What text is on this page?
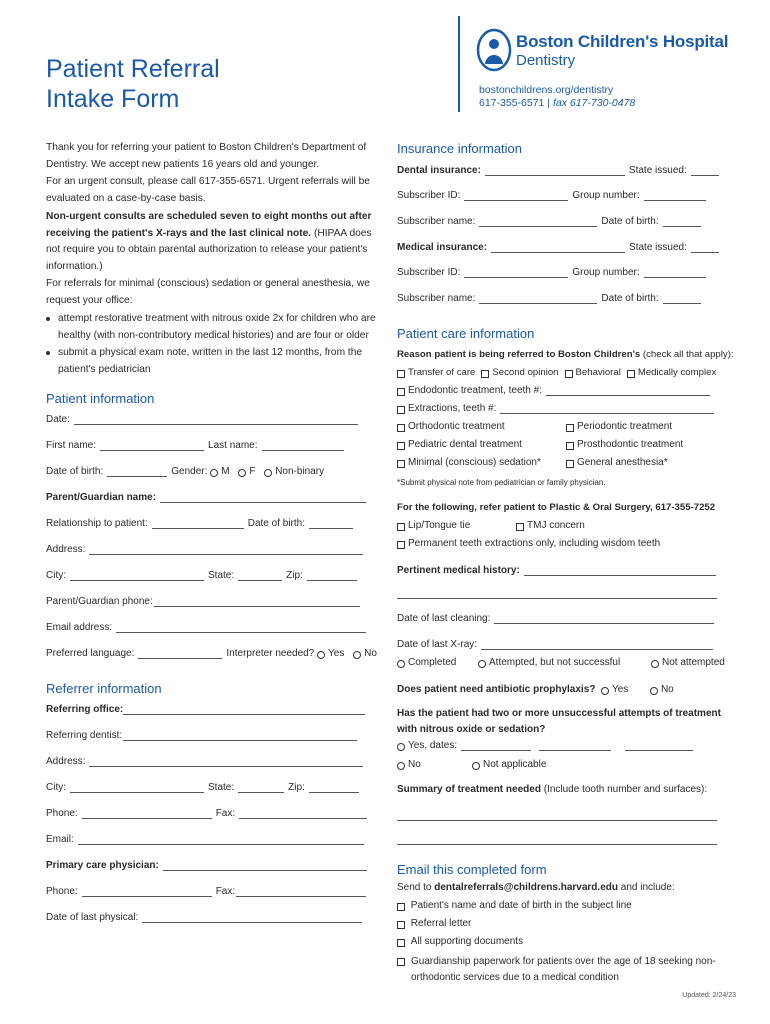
Patient Referral
Intake Form
Boston Children's Hospital
Dentistry
bostonchildrens.org/dentistry
617-355-6571 | fax 617-730-0478
Thank you for referring your patient to Boston Children's Department of Dentistry. We accept new patients 16 years old and younger.
For an urgent consult, please call 617-355-6571. Urgent referrals will be evaluated on a case-by-case basis.
Non-urgent consults are scheduled seven to eight months out after receiving the patient's X-rays and the last clinical note. (HIPAA does not require you to obtain parental authorization to release your patient's information.)
For referrals for minimal (conscious) sedation or general anesthesia, we request your office:
attempt restorative treatment with nitrous oxide 2x for children who are healthy (with non-contributory medical histories) and are four or older
submit a physical exam note, written in the last 12 months, from the patient's pediatrician
Patient information
Date:
First name:	Last name:
Date of birth:	Gender:
M
F
Non-binary
Parent/Guardian name:
Relationship to patient:	Date of birth:
Address:
City:	State:	Zip:
Parent/Guardian phone:
Email address:
Preferred language:	Interpreter needed?
Yes
No
Referrer information
Referring office:
Referring dentist:
Address:
City:	State:	Zip:
Phone:	Fax:
Email:
Primary care physician:
Phone:	Fax:
Date of last physical:
Insurance information
Dental insurance:	State issued:
Subscriber ID:	Group number:
Subscriber name:	Date of birth:
Medical insurance:	State issued:
Subscriber ID:	Group number:
Subscriber name:	Date of birth:
Patient care information
Reason patient is being referred to Boston Children's
(check all that apply):
Transfer of care Second opinion Behavioral Medically complex
Endodontic treatment, teeth #:
Extractions, teeth #:
Orthodontic treatment	Periodontic treatment
Pediatric dental treatment	Prosthodontic treatment
Minimal (conscious) sedation*	General anesthesia*
*Submit physical note from pediatrician or family physician.
For the following, refer patient to Plastic & Oral Surgery, 617-355-7252
Lip/Tongue tie	TMJ concern
Permanent teeth extractions only, including wisdom teeth
Pertinent medical history:
Date of last cleaning:
Date of last X-ray:
Completed	Attempted, but not successful	Not attempted
Does patient need antibiotic prophylaxis?
Yes	No
Has the patient had two or more unsuccessful attempts of treatment with nitrous oxide or sedation?
Yes, dates:
No	Not applicable
Summary of treatment needed
(Include tooth number and surfaces):
Email this completed form
Send to
dentalreferrals@childrens.harvard.edu
and include:

Patient's name and date of birth in the subject line

Referral letter

All supporting documents
Guardianship paperwork for patients over the age of 18 seeking non-orthodontic services due to a medical condition
Updated: 2/24/23
